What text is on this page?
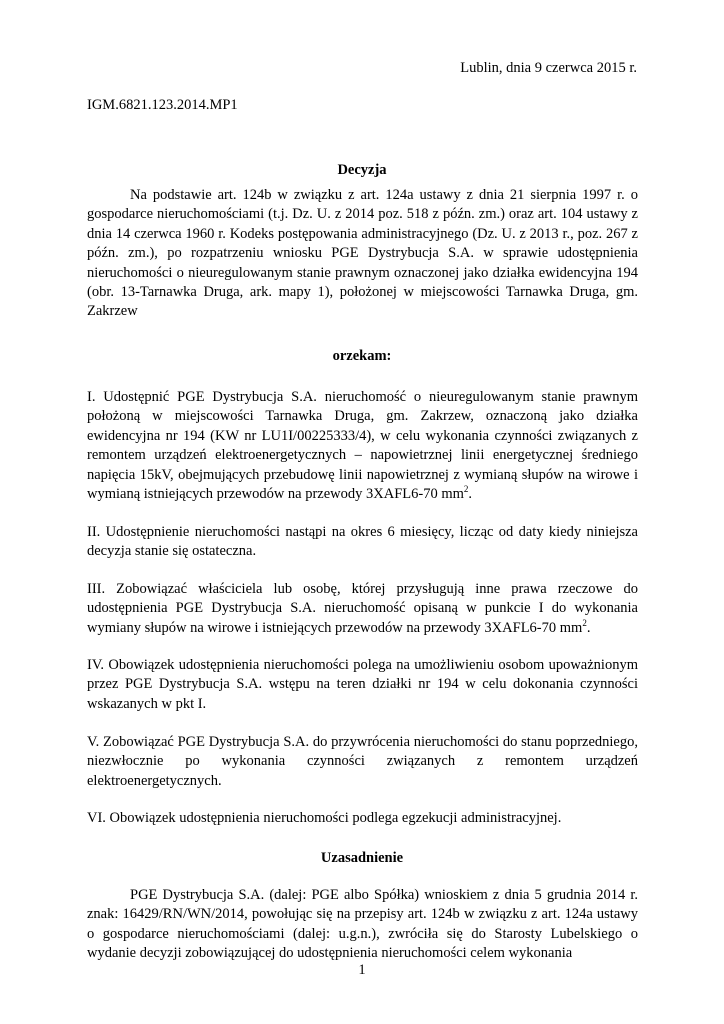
Lublin, dnia 9 czerwca 2015 r.
IGM.6821.123.2014.MP1
Decyzja
Na podstawie art. 124b w związku z art. 124a ustawy z dnia 21 sierpnia 1997 r. o gospodarce nieruchomościami (t.j. Dz. U. z 2014 poz. 518 z późn. zm.) oraz art. 104 ustawy z dnia 14 czerwca 1960 r. Kodeks postępowania administracyjnego (Dz. U. z 2013 r., poz. 267 z późn. zm.), po rozpatrzeniu wniosku PGE Dystrybucja S.A. w sprawie udostępnienia nieruchomości o nieuregulowanym stanie prawnym oznaczonej jako działka ewidencyjna 194 (obr. 13-Tarnawka Druga, ark. mapy 1), położonej w miejscowości Tarnawka Druga, gm. Zakrzew
orzekam:
I. Udostępnić PGE Dystrybucja S.A. nieruchomość o nieuregulowanym stanie prawnym położoną w miejscowości Tarnawka Druga, gm. Zakrzew, oznaczoną jako działka ewidencyjna nr 194 (KW nr LU1I/00225333/4), w celu wykonania czynności związanych z remontem urządzeń elektroenergetycznych – napowietrznej linii energetycznej średniego napięcia 15kV, obejmujących przebudowę linii napowietrznej z wymianą słupów na wirowe i wymianą istniejących przewodów na przewody 3XAFL6-70 $mm^2$.
II. Udostępnienie nieruchomości nastąpi na okres 6 miesięcy, licząc od daty kiedy niniejsza decyzja stanie się ostateczna.
III. Zobowiązać właściciela lub osobę, której przysługują inne prawa rzeczowe do udostępnienia PGE Dystrybucja S.A. nieruchomość opisaną w punkcie I do wykonania wymiany słupów na wirowe i istniejących przewodów na przewody 3XAFL6-70 $mm^2$.
IV. Obowiązek udostępnienia nieruchomości polega na umożliwieniu osobom upoważnionym przez PGE Dystrybucja S.A. wstępu na teren działki nr 194 w celu dokonania czynności wskazanych w pkt I.
V. Zobowiązać PGE Dystrybucja S.A. do przywrócenia nieruchomości do stanu poprzedniego, niezwłocznie po wykonania czynności związanych z remontem urządzeń elektroenergetycznych.
VI. Obowiązek udostępnienia nieruchomości podlega egzekucji administracyjnej.
Uzasadnienie
PGE Dystrybucja S.A. (dalej: PGE albo Spółka) wnioskiem z dnia 5 grudnia 2014 r. znak: 16429/RN/WN/2014, powołując się na przepisy art. 124b w związku z art. 124a ustawy o gospodarce nieruchomościami (dalej: u.g.n.), zwróciła się do Starosty Lubelskiego o wydanie decyzji zobowiązującej do udostępnienia nieruchomości celem wykonania
1
